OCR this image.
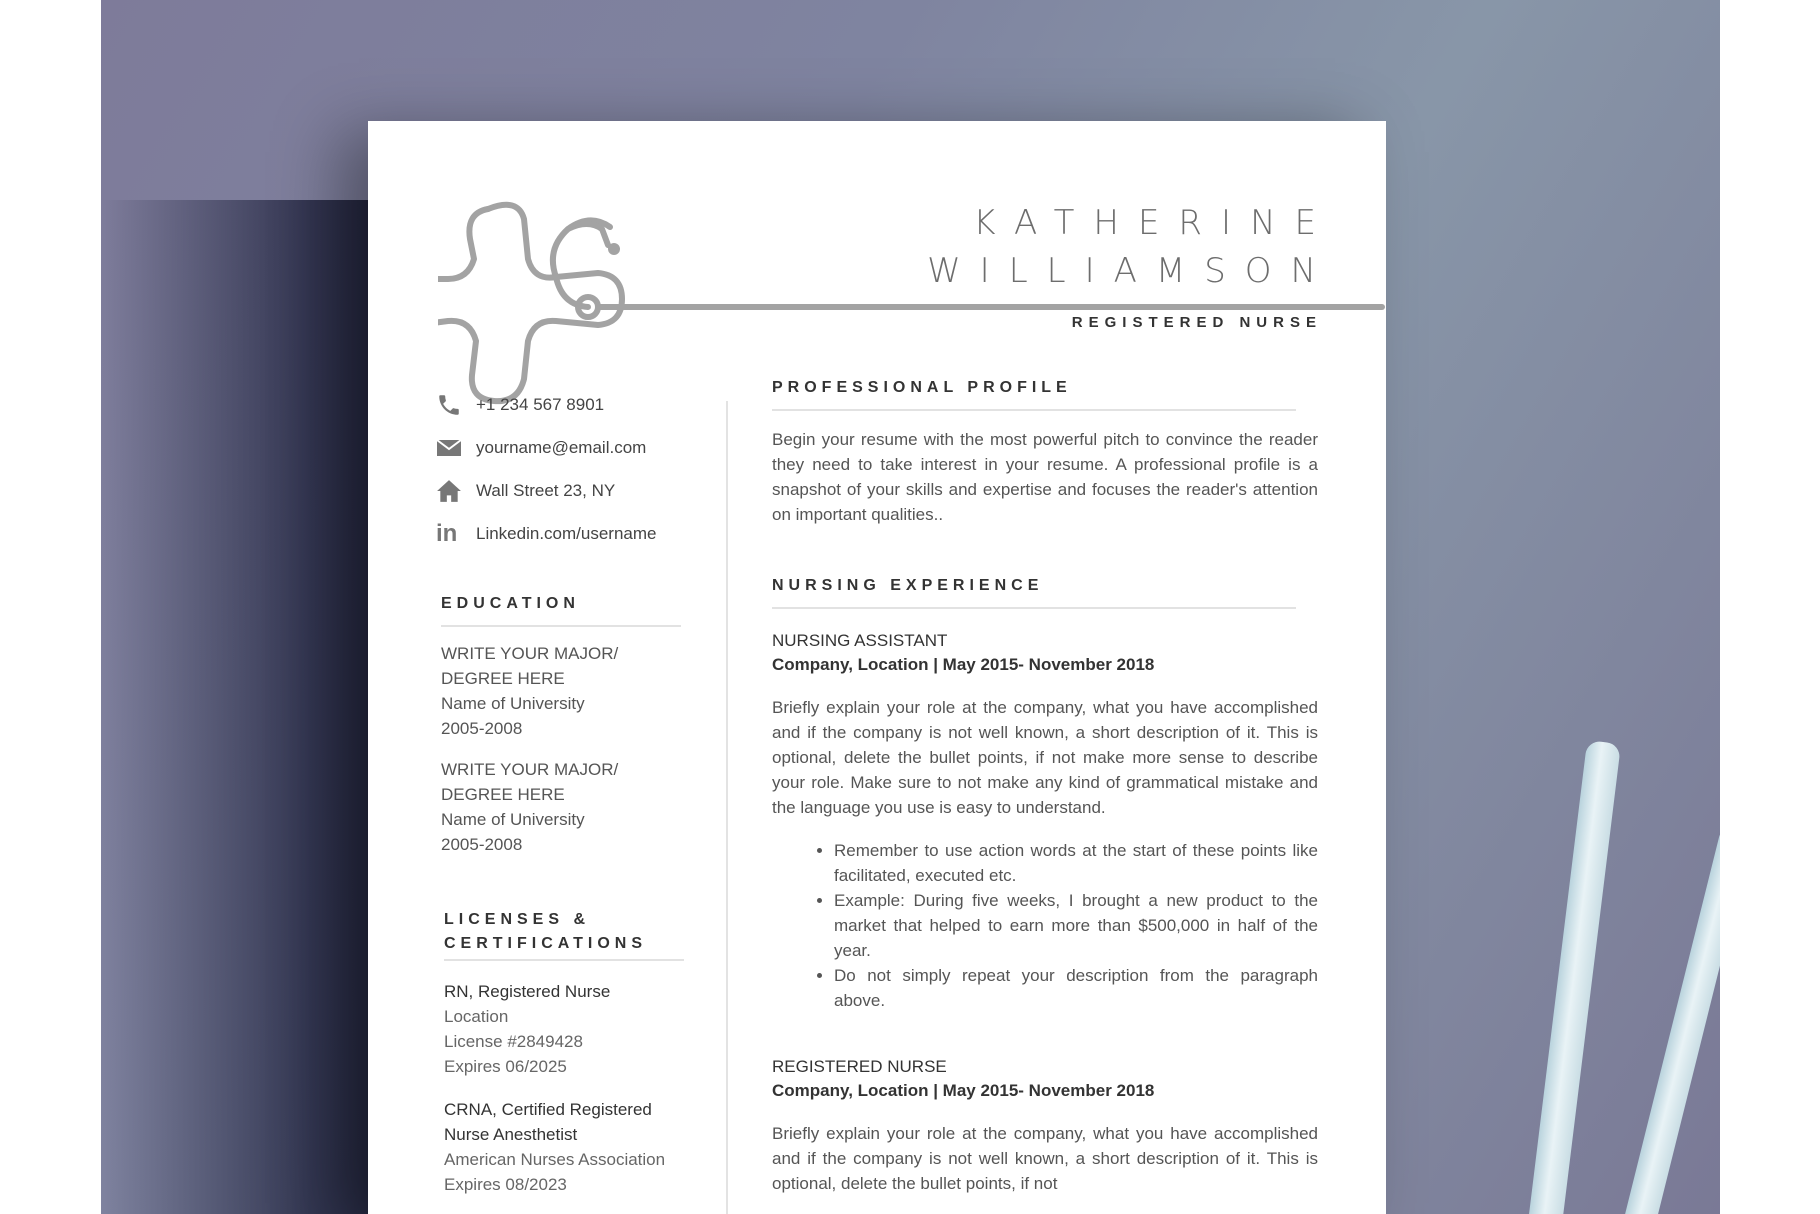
KATHERINE
WILLIAMSON
REGISTERED NURSE
+1 234 567 8901
yourname@email.com
Wall Street 23, NY
in	Linkedin.com/username
EDUCATION
WRITE YOUR MAJOR/
DEGREE HERE
Name of University
2005-2008
WRITE YOUR MAJOR/
DEGREE HERE
Name of University
2005-2008
LICENSES &
CERTIFICATIONS
RN, Registered Nurse
Location
License #2849428
Expires 06/2025
CRNA, Certified Registered
Nurse Anesthetist
American Nurses Association
Expires 08/2023
PROFESSIONAL PROFILE
Begin your resume with the most powerful pitch to convince the reader they need to take interest in your resume. A professional profile is a snapshot of your skills and expertise and focuses the reader's attention on important qualities..
NURSING EXPERIENCE
NURSING ASSISTANT
Company, Location | May 2015- November 2018
Briefly explain your role at the company, what you have accomplished and if the company is not well known, a short description of it. This is optional, delete the bullet points, if not make more sense to describe your role. Make sure to not make any kind of grammatical mistake and the language you use is easy to understand.
• Remember to use action words at the start of these points like facilitated, executed etc.
• Example: During five weeks, I brought a new product to the market that helped to earn more than $500,000 in half of the year.
• Do not simply repeat your description from the paragraph above.
REGISTERED NURSE
Company, Location | May 2015- November 2018
Briefly explain your role at the company, what you have accomplished and if the company is not well known, a short description of it. This is optional, delete the bullet points, if not
